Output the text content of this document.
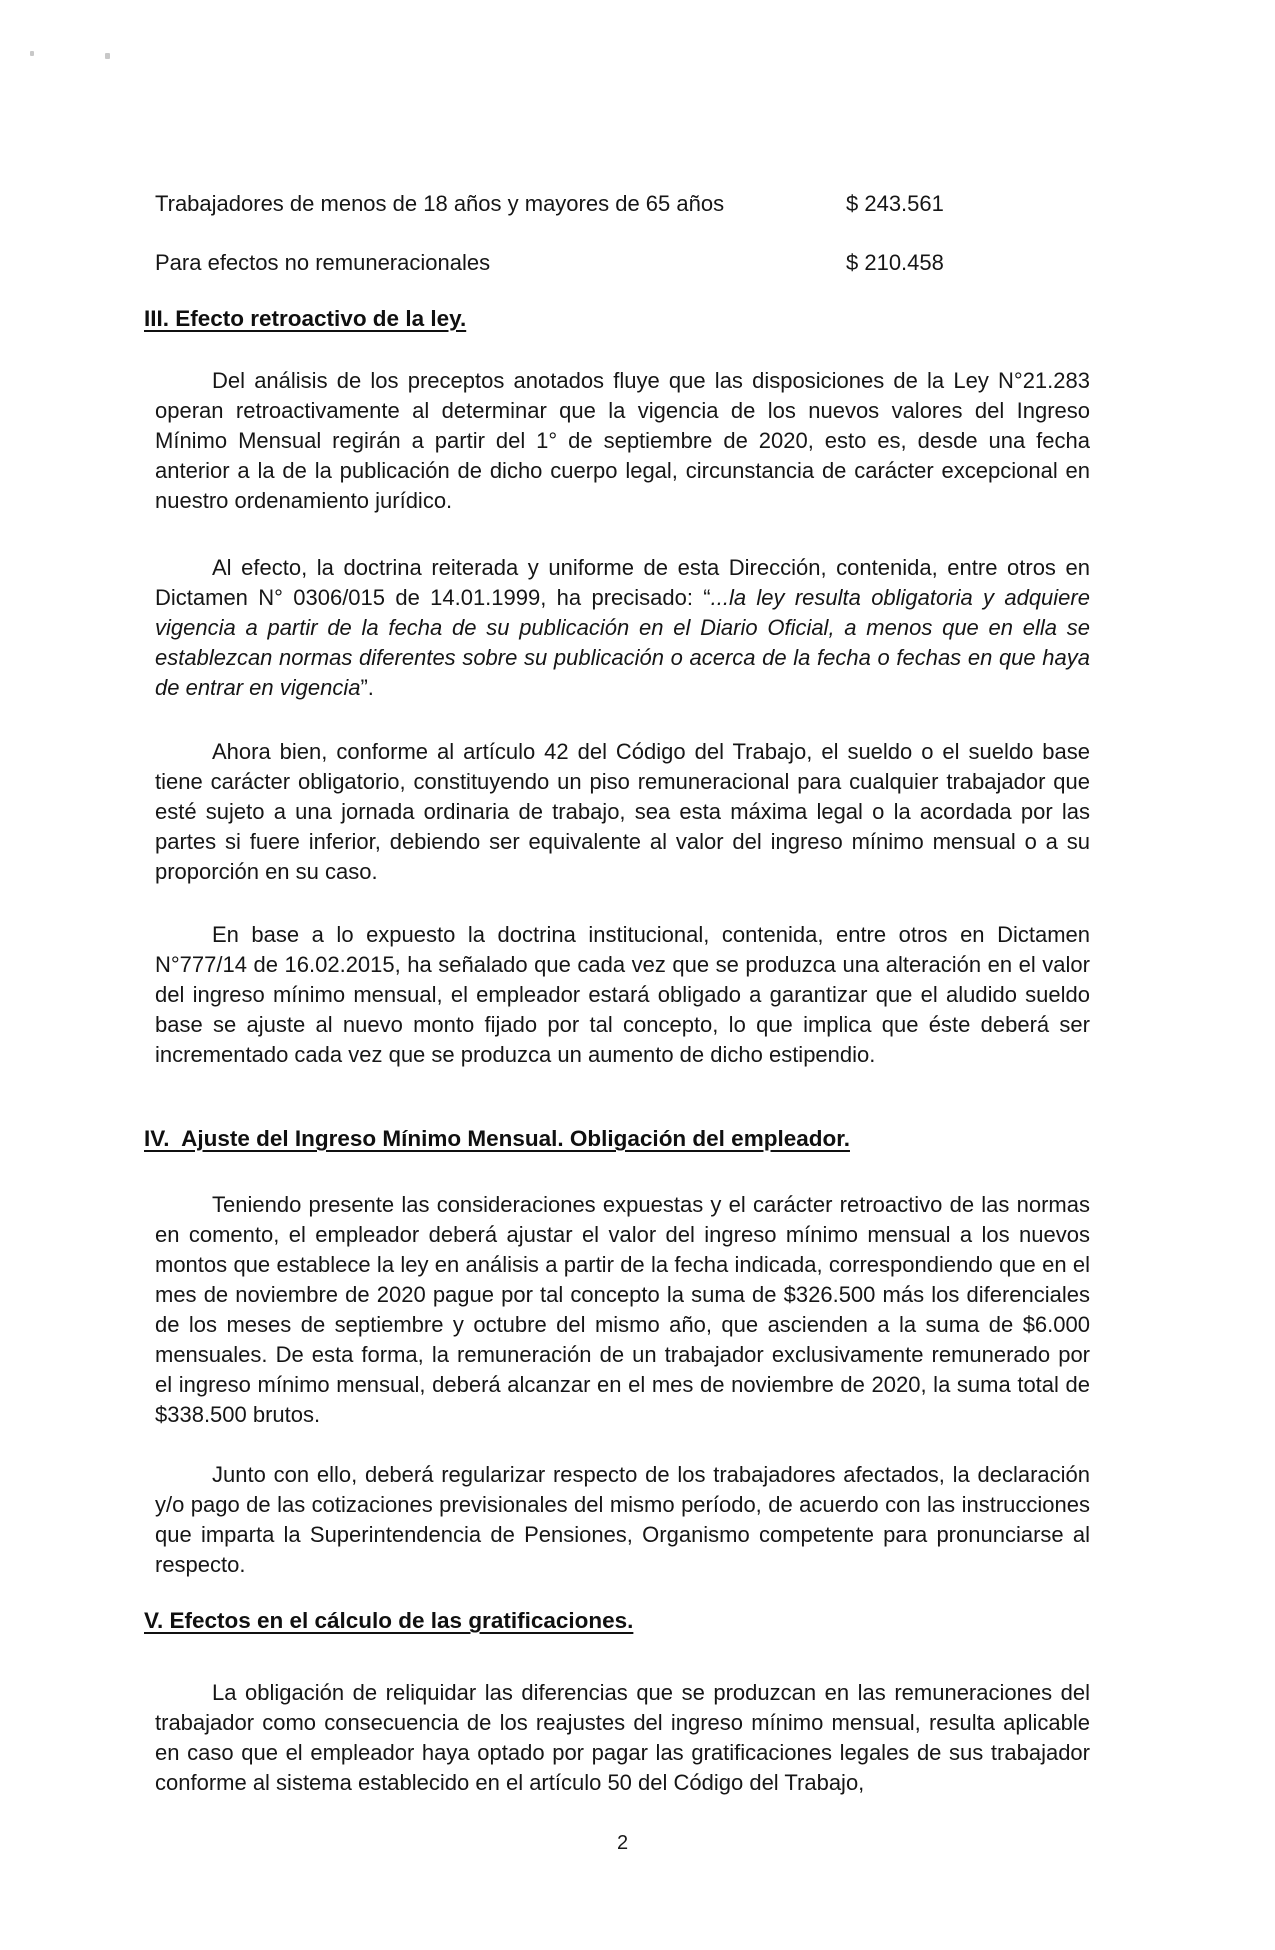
Trabajadores de menos de 18 años y mayores de 65 años	$ 243.561
Para efectos no remuneracionales	$ 210.458
III. Efecto retroactivo de la ley.

Del análisis de los preceptos anotados fluye que las disposiciones de la Ley N°21.283 operan retroactivamente al determinar que la vigencia de los nuevos valores del Ingreso Mínimo Mensual regirán a partir del 1° de septiembre de 2020, esto es, desde una fecha anterior a la de la publicación de dicho cuerpo legal, circunstancia de carácter excepcional en nuestro ordenamiento jurídico.

Al efecto, la doctrina reiterada y uniforme de esta Dirección, contenida, entre otros en Dictamen N° 0306/015 de 14.01.1999, ha precisado: “...la ley resulta obligatoria y adquiere vigencia a partir de la fecha de su publicación en el Diario Oficial, a menos que en ella se establezcan normas diferentes sobre su publicación o acerca de la fecha o fechas en que haya de entrar en vigencia”.

Ahora bien, conforme al artículo 42 del Código del Trabajo, el sueldo o el sueldo base tiene carácter obligatorio, constituyendo un piso remuneracional para cualquier trabajador que esté sujeto a una jornada ordinaria de trabajo, sea esta máxima legal o la acordada por las partes si fuere inferior, debiendo ser equivalente al valor del ingreso mínimo mensual o a su proporción en su caso.

En base a lo expuesto la doctrina institucional, contenida, entre otros en Dictamen N°777/14 de 16.02.2015, ha señalado que cada vez que se produzca una alteración en el valor del ingreso mínimo mensual, el empleador estará obligado a garantizar que el aludido sueldo base se ajuste al nuevo monto fijado por tal concepto, lo que implica que éste deberá ser incrementado cada vez que se produzca un aumento de dicho estipendio.

IV.  Ajuste del Ingreso Mínimo Mensual. Obligación del empleador.

Teniendo presente las consideraciones expuestas y el carácter retroactivo de las normas en comento, el empleador deberá ajustar el valor del ingreso mínimo mensual a los nuevos montos que establece la ley en análisis a partir de la fecha indicada, correspondiendo que en el mes de noviembre de 2020 pague por tal concepto la suma de $326.500 más los diferenciales de los meses de septiembre y octubre del mismo año, que ascienden a la suma de $6.000 mensuales. De esta forma, la remuneración de un trabajador exclusivamente remunerado por el ingreso mínimo mensual, deberá alcanzar en el mes de noviembre de 2020, la suma total de $338.500 brutos.

Junto con ello, deberá regularizar respecto de los trabajadores afectados, la declaración y/o pago de las cotizaciones previsionales del mismo período, de acuerdo con las instrucciones que imparta la Superintendencia de Pensiones, Organismo competente para pronunciarse al respecto.

V. Efectos en el cálculo de las gratificaciones.

La obligación de reliquidar las diferencias que se produzcan en las remuneraciones del trabajador como consecuencia de los reajustes del ingreso mínimo mensual, resulta aplicable en caso que el empleador haya optado por pagar las gratificaciones legales de sus trabajador conforme al sistema establecido en el artículo 50 del Código del Trabajo,

2
